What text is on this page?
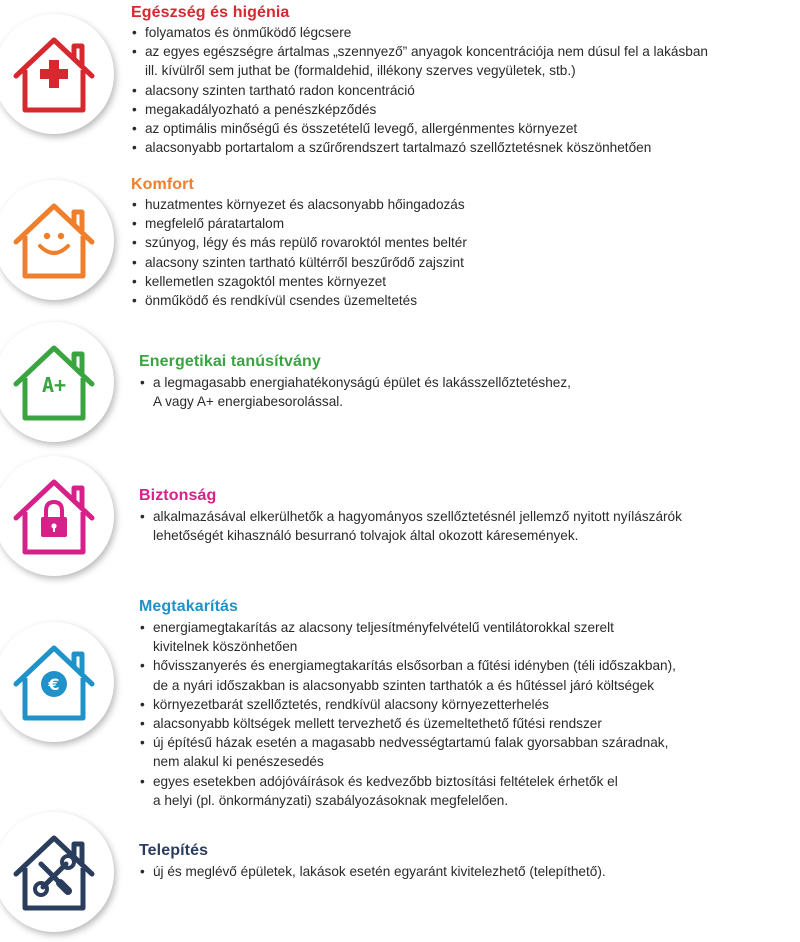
Egészség és higénia
• folyamatos és önműködő légcsere
• az egyes egészségre ártalmas „szennyező” anyagok koncentrációja nem dúsul fel a lakásban
ill. kívülről sem juthat be (formaldehid, illékony szerves vegyületek, stb.)
• alacsony szinten tartható radon koncentráció
• megakadályozható a penészképződés
• az optimális minőségű és összetételű levegő, allergénmentes környezet
• alacsonyabb portartalom a szűrőrendszert tartalmazó szellőztetésnek köszönhetően
Komfort
• huzatmentes környezet és alacsonyabb hőingadozás
• megfelelő páratartalom
• szúnyog, légy és más repülő rovaroktól mentes beltér
• alacsony szinten tartható kültérről beszűrődő zajszint
• kellemetlen szagoktól mentes környezet
• önműködő és rendkívül csendes üzemeltetés
A+
Energetikai tanúsítvány
• a legmagasabb energiahatékonyságú épület és lakásszellőztetéshez,
A vagy A+ energiabesorolással.
Biztonság
• alkalmazásával elkerülhetők a hagyományos szellőztetésnél jellemző nyitott nyílászárók
lehetőségét kihasználó besurranó tolvajok által okozott káresemények.
€
Megtakarítás
• energiamegtakarítás az alacsony teljesítményfelvételű ventilátorokkal szerelt
kivitelnek köszönhetően
• hővisszanyerés és energiamegtakarítás elsősorban a fűtési idényben (téli időszakban),
de a nyári időszakban is alacsonyabb szinten tarthatók a és hűtéssel járó költségek
• környezetbarát szellőztetés, rendkívül alacsony környezetterhelés
• alacsonyabb költségek mellett tervezhető és üzemeltethető fűtési rendszer
• új építésű házak esetén a magasabb nedvességtartamú falak gyorsabban száradnak,
nem alakul ki penészesedés
• egyes esetekben adójóváírások és kedvezőbb biztosítási feltételek érhetők el
a helyi (pl. önkormányzati) szabályozásoknak megfelelően.
Telepítés
• új és meglévő épületek, lakások esetén egyaránt kivitelezhető (telepíthető).
